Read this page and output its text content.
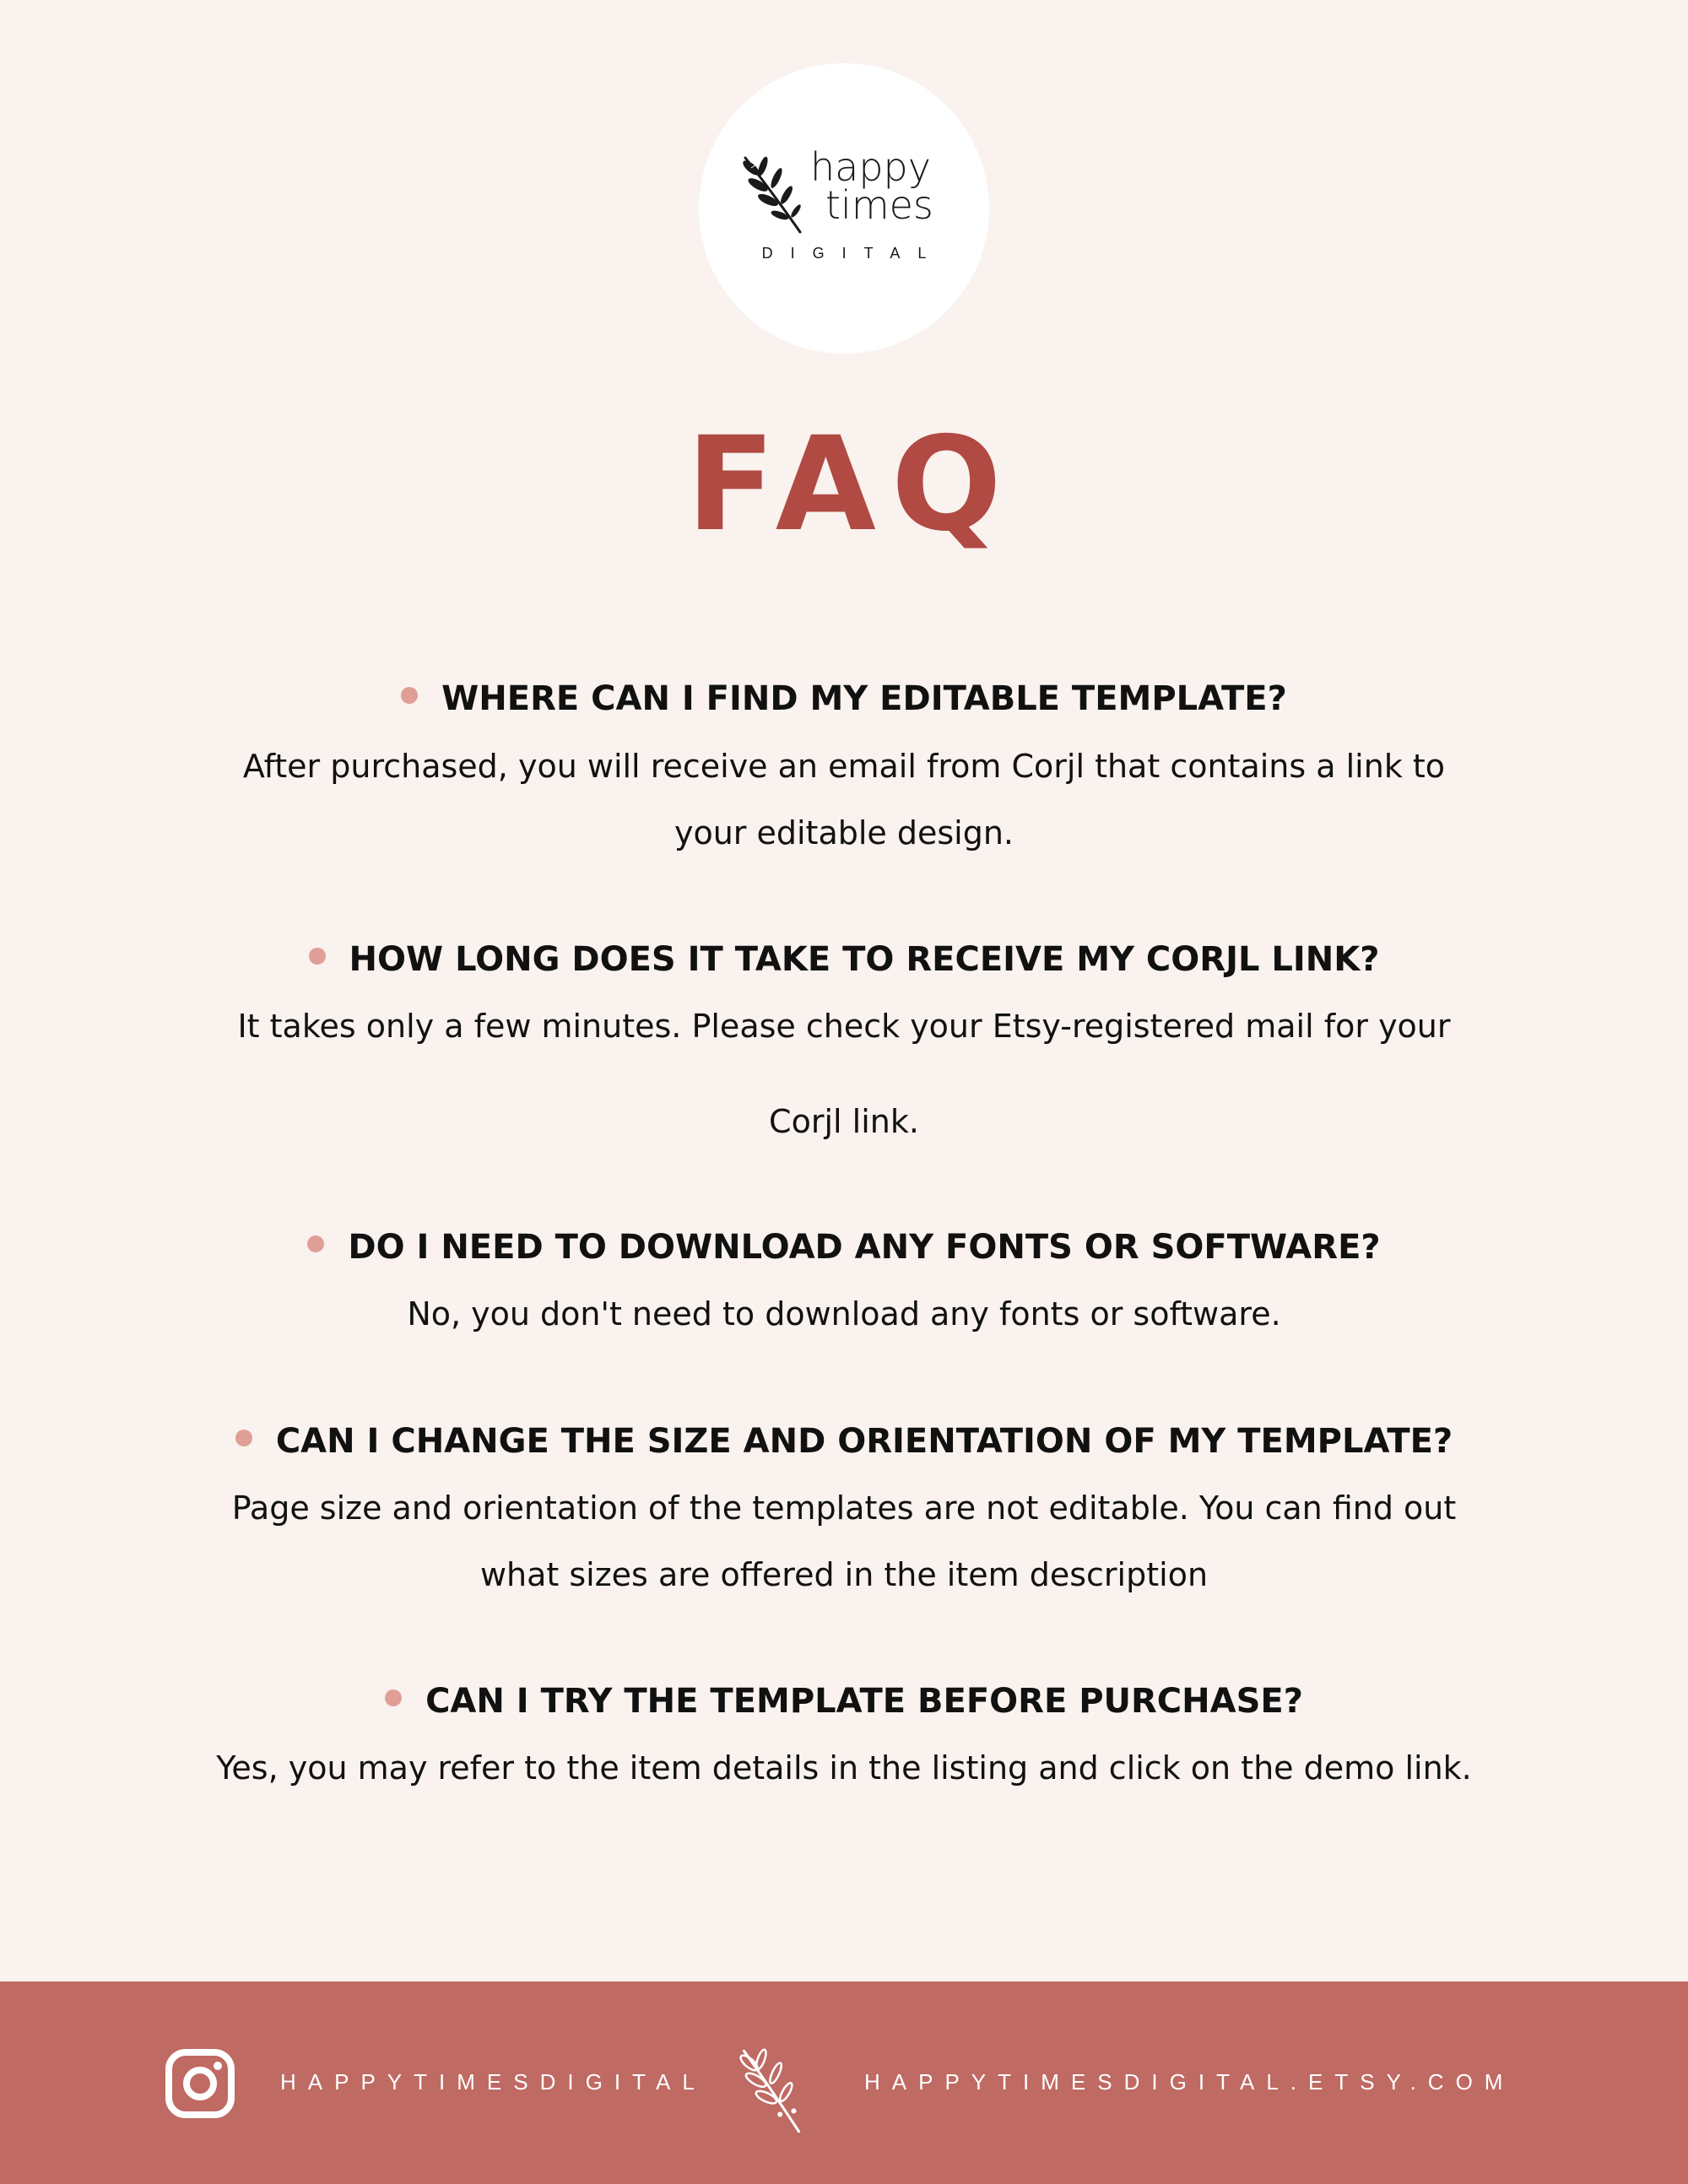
happy
times
DIGITAL
FAQ
WHERE CAN I FIND MY EDITABLE TEMPLATE?
After purchased, you will receive an email from Corjl that contains a link to
your editable design.
HOW LONG DOES IT TAKE TO RECEIVE MY CORJL LINK?
It takes only a few minutes. Please check your Etsy-registered mail for your
Corjl link.
DO I NEED TO DOWNLOAD ANY FONTS OR SOFTWARE?
No, you don't need to download any fonts or software.
CAN I CHANGE THE SIZE AND ORIENTATION OF MY TEMPLATE?
Page size and orientation of the templates are not editable. You can find out
what sizes are offered in the item description
CAN I TRY THE TEMPLATE BEFORE PURCHASE?
Yes, you may refer to the item details in the listing and click on the demo link.
HAPPYTIMESDIGITAL	HAPPYTIMESDIGITAL.ETSY.COM
